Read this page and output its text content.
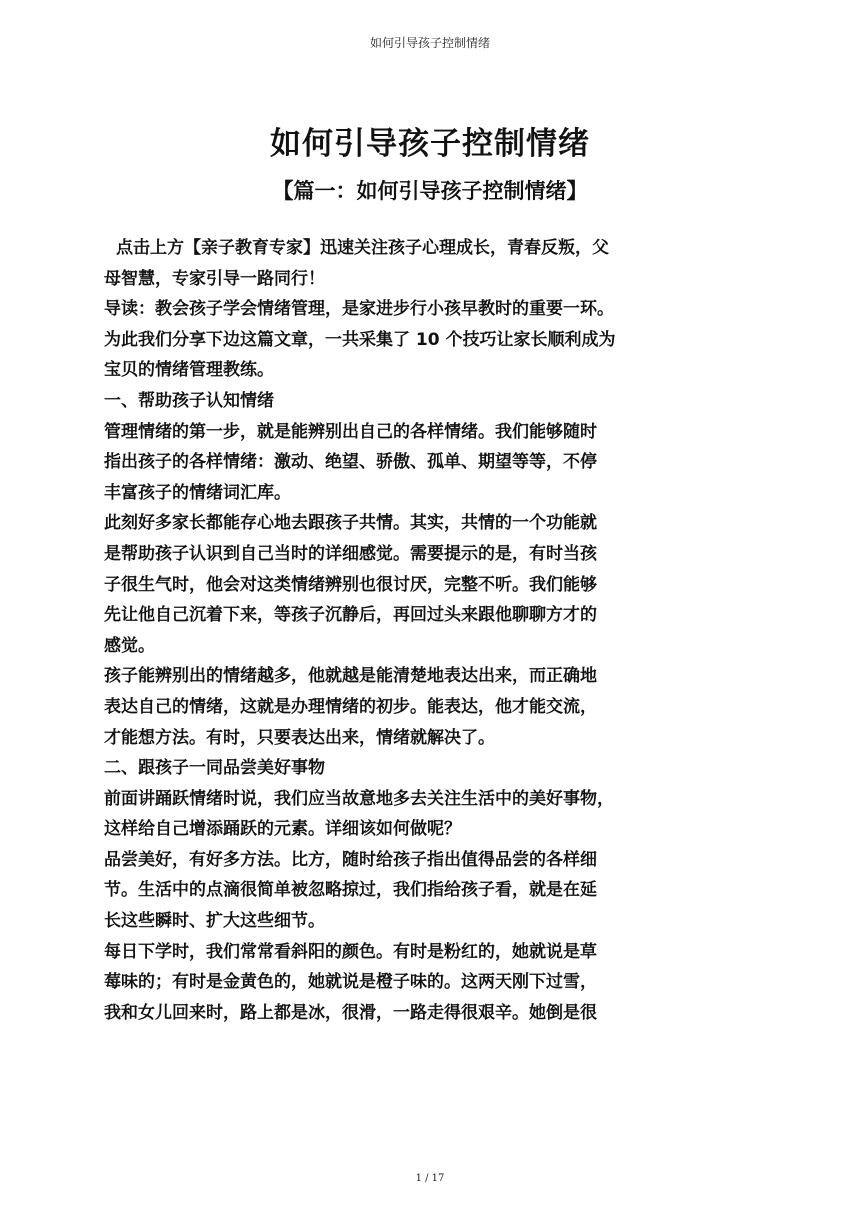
如何引导孩子控制情绪
如何引导孩子控制情绪
【篇一：如何引导孩子控制情绪】
点击上方【亲子教育专家】迅速关注孩子心理成长，青春反叛，父
母智慧，专家引导一路同行！
导读：教会孩子学会情绪管理，是家进步行小孩早教时的重要一环。
为此我们分享下边这篇文章，一共采集了 10 个技巧让家长顺利成为
宝贝的情绪管理教练。
一、帮助孩子认知情绪
管理情绪的第一步，就是能辨别出自己的各样情绪。我们能够随时
指出孩子的各样情绪：激动、绝望、骄傲、孤单、期望等等，不停
丰富孩子的情绪词汇库。
此刻好多家长都能存心地去跟孩子共情。其实，共情的一个功能就
是帮助孩子认识到自己当时的详细感觉。需要提示的是，有时当孩
子很生气时，他会对这类情绪辨别也很讨厌，完整不听。我们能够
先让他自己沉着下来，等孩子沉静后，再回过头来跟他聊聊方才的
感觉。
孩子能辨别出的情绪越多，他就越是能清楚地表达出来，而正确地
表达自己的情绪，这就是办理情绪的初步。能表达，他才能交流，
才能想方法。有时，只要表达出来，情绪就解决了。
二、跟孩子一同品尝美好事物
前面讲踊跃情绪时说，我们应当故意地多去关注生活中的美好事物，
这样给自己增添踊跃的元素。详细该如何做呢？
品尝美好，有好多方法。比方，随时给孩子指出值得品尝的各样细
节。生活中的点滴很简单被忽略掠过，我们指给孩子看，就是在延
长这些瞬时、扩大这些细节。
每日下学时，我们常常看斜阳的颜色。有时是粉红的，她就说是草
莓味的；有时是金黄色的，她就说是橙子味的。这两天刚下过雪，
我和女儿回来时，路上都是冰，很滑，一路走得很艰辛。她倒是很
1 / 17
